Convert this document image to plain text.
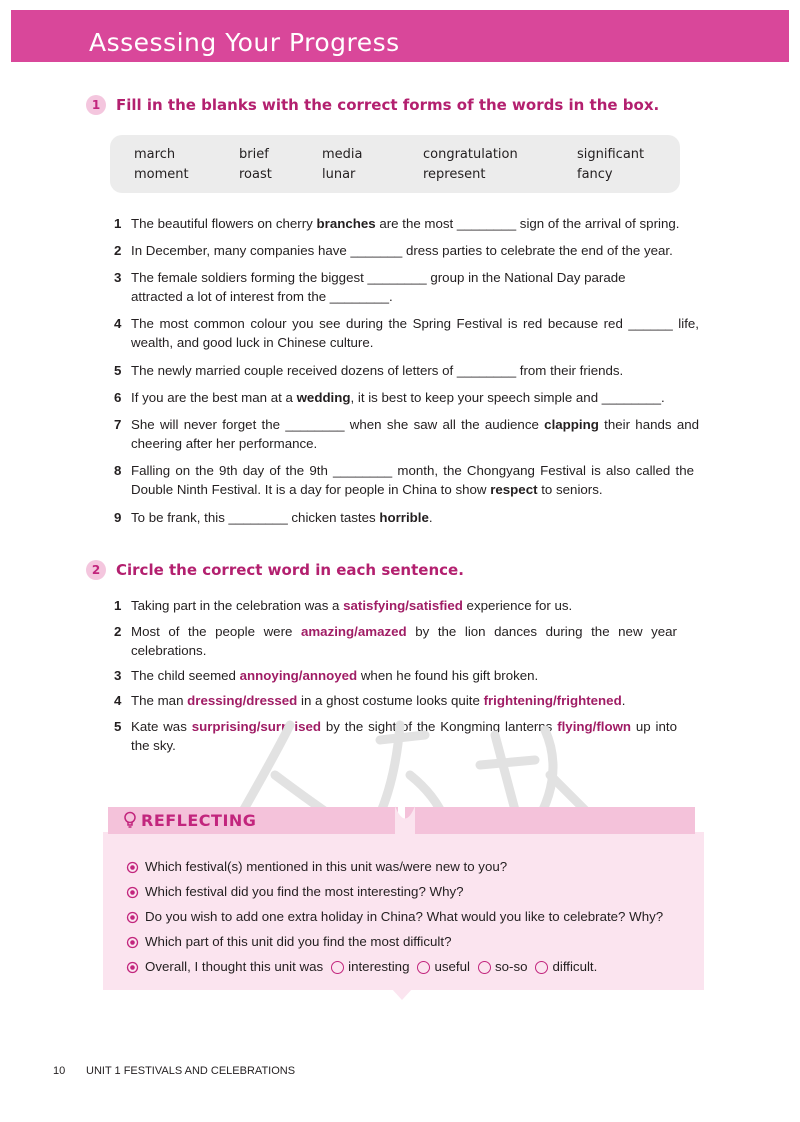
Assessing Your Progress
1	Fill in the blanks with the correct forms of the words in the box.
march	brief	media	congratulation	significant
moment	roast	lunar	represent	fancy
1 The beautiful flowers on cherry branches are the most ________ sign of the arrival of spring.
2 In December, many companies have _______ dress parties to celebrate the end of the year.
3 The female soldiers forming the biggest ________ group in the National Day parade attracted a lot of interest from the ________.
4 The most common colour you see during the Spring Festival is red because red ______ life, wealth, and good luck in Chinese culture.
5 The newly married couple received dozens of letters of ________ from their friends.
6 If you are the best man at a wedding, it is best to keep your speech simple and ________.
7 She will never forget the ________ when she saw all the audience clapping their hands and cheering after her performance.
8 Falling on the 9th day of the 9th ________ month, the Chongyang Festival is also called the Double Ninth Festival. It is a day for people in China to show respect to seniors.
9 To be frank, this ________ chicken tastes horrible.
2	Circle the correct word in each sentence.
1 Taking part in the celebration was a satisfying/satisfied experience for us.
2 Most of the people were amazing/amazed by the lion dances during the new year celebrations.
3 The child seemed annoying/annoyed when he found his gift broken.
4 The man dressing/dressed in a ghost costume looks quite frightening/frightened.
5 Kate was surprising/surprised by the sight of the Kongming lanterns flying/flown up into the sky.
REFLECTING
Which festival(s) mentioned in this unit was/were new to you?
Which festival did you find the most interesting? Why?
Do you wish to add one extra holiday in China? What would you like to celebrate? Why?
Which part of this unit did you find the most difficult?
Overall, I thought this unit was interesting useful so-so difficult .
10 UNIT 1 FESTIVALS AND CELEBRATIONS
